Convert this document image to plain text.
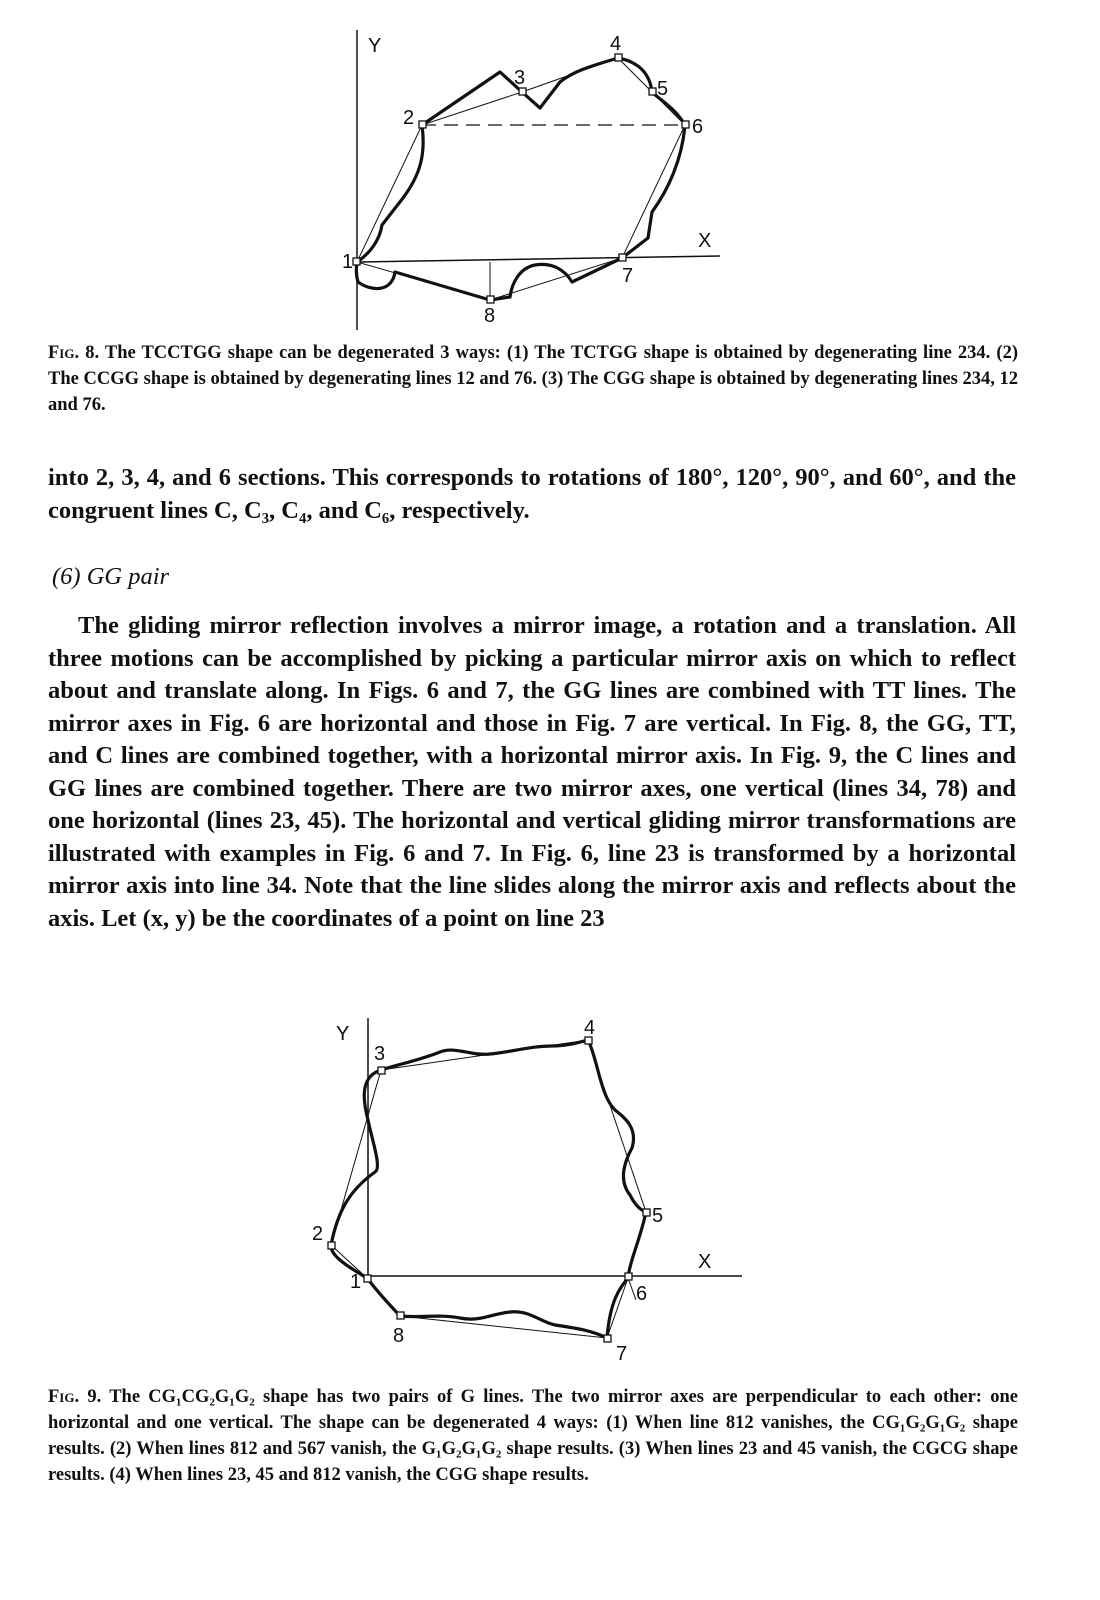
Y
X
1
2
3
4
5
6
7
8
Fig. 8. The TCCTGG shape can be degenerated 3 ways: (1) The TCTGG shape is obtained by degenerating line 234. (2) The CCGG shape is obtained by degenerating lines 12 and 76. (3) The CGG shape is obtained by degenerating lines 234, 12 and 76.

into 2, 3, 4, and 6 sections. This corresponds to rotations of 180°, 120°, 90°, and 60°, and the congruent lines C, C₃, C₄, and C₆, respectively.

(6) GG pair

The gliding mirror reflection involves a mirror image, a rotation and a translation. All three motions can be accomplished by picking a particular mirror axis on which to reflect about and translate along. In Figs. 6 and 7, the GG lines are combined with TT lines. The mirror axes in Fig. 6 are horizontal and those in Fig. 7 are vertical. In Fig. 8, the GG, TT, and C lines are combined together, with a horizontal mirror axis. In Fig. 9, the C lines and GG lines are combined together. There are two mirror axes, one vertical (lines 34, 78) and one horizontal (lines 23, 45). The horizontal and vertical gliding mirror transformations are illustrated with examples in Fig. 6 and 7. In Fig. 6, line 23 is transformed by a horizontal mirror axis into line 34. Note that the line slides along the mirror axis and reflects about the axis. Let (x, y) be the coordinates of a point on line 23

Y
X
1
2
3
4
5
6
7
8
Fig. 9. The CG₁CG₂G₁G₂ shape has two pairs of G lines. The two mirror axes are perpendicular to each other: one horizontal and one vertical. The shape can be degenerated 4 ways: (1) When line 812 vanishes, the CG₁G₂G₁G₂ shape results. (2) When lines 812 and 567 vanish, the G₁G₂G₁G₂ shape results. (3) When lines 23 and 45 vanish, the CGCG shape results. (4) When lines 23, 45 and 812 vanish, the CGG shape results.
